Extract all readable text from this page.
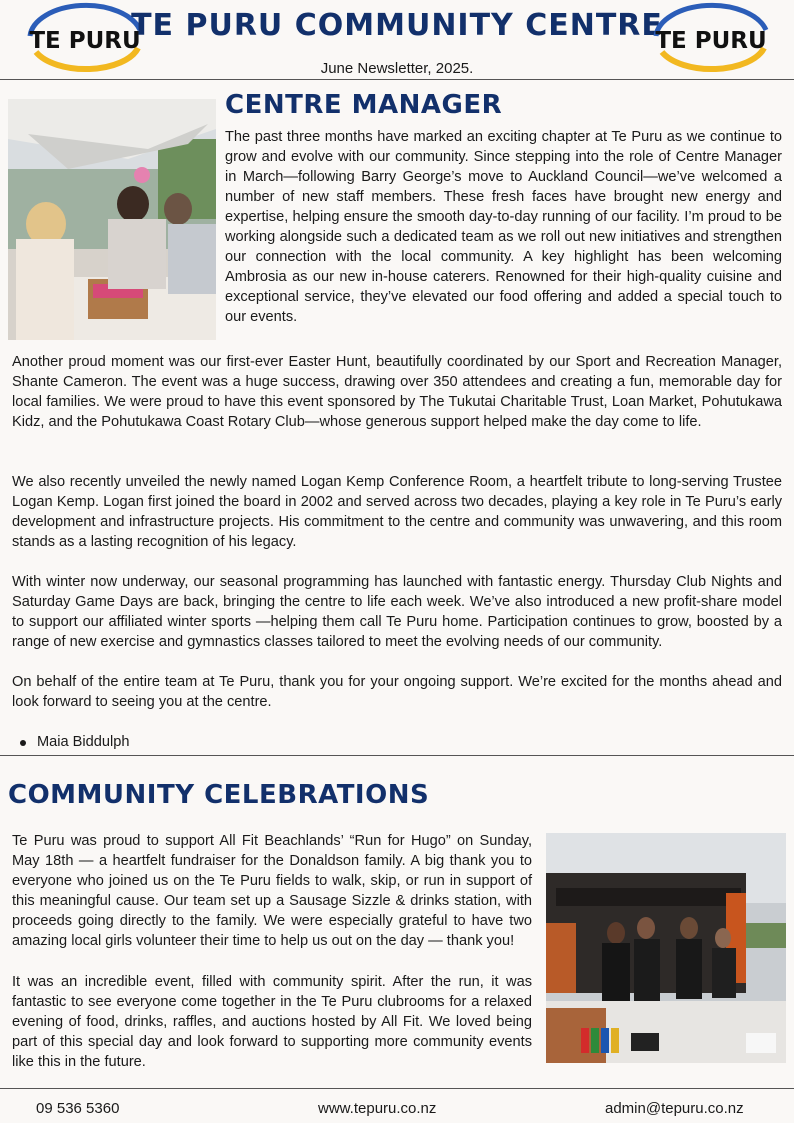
TE PURU
TE PURU COMMUNITY CENTRE
June Newsletter, 2025.
TE PURU
CENTRE MANAGER

The past three months have marked an exciting chapter at Te Puru as we continue to grow and evolve with our community. Since stepping into the role of Centre Manager in March—following Barry George’s move to Auckland Council—we’ve welcomed a number of new staff members. These fresh faces have brought new energy and expertise, helping ensure the smooth day-to-day running of our facility. I’m proud to be working alongside such a dedicated team as we roll out new initiatives and strengthen our connection with the local community. A key highlight has been welcoming Ambrosia as our new in-house caterers. Renowned for their high-quality cuisine and exceptional service, they’ve elevated our food offering and added a special touch to our events.

Another proud moment was our first-ever Easter Hunt, beautifully coordinated by our Sport and Recreation Manager, Shante Cameron. The event was a huge success, drawing over 350 attendees and creating a fun, memorable day for local families. We were proud to have this event sponsored by The Tukutai Charitable Trust, Loan Market, Pohutukawa Kidz, and the Pohutukawa Coast Rotary Club—whose generous support helped make the day come to life.

We also recently unveiled the newly named Logan Kemp Conference Room, a heartfelt tribute to long-serving Trustee Logan Kemp. Logan first joined the board in 2002 and served across two decades, playing a key role in Te Puru’s early development and infrastructure projects. His commitment to the centre and community was unwavering, and this room stands as a lasting recognition of his legacy.

With winter now underway, our seasonal programming has launched with fantastic energy. Thursday Club Nights and Saturday Game Days are back, bringing the centre to life each week. We’ve also introduced a new profit-share model to support our affiliated winter sports —helping them call Te Puru home. Participation continues to grow, boosted by a range of new exercise and gymnastics classes tailored to meet the evolving needs of our community.

On behalf of the entire team at Te Puru, thank you for your ongoing support. We’re excited for the months ahead and look forward to seeing you at the centre.

Maia Biddulph
COMMUNITY CELEBRATIONS

Te Puru was proud to support All Fit Beachlands’ “Run for Hugo” on Sunday, May 18th — a heartfelt fundraiser for the Donaldson family. A big thank you to everyone who joined us on the Te Puru fields to walk, skip, or run in support of this meaningful cause. Our team set up a Sausage Sizzle & drinks station, with proceeds going directly to the family. We were especially grateful to have two amazing local girls volunteer their time to help us out on the day — thank you!

It was an incredible event, filled with community spirit. After the run, it was fantastic to see everyone come together in the Te Puru clubrooms for a relaxed evening of food, drinks, raffles, and auctions hosted by All Fit. We loved being part of this special day and look forward to supporting more community events like this in the future.

09 536 5360	www.tepuru.co.nz	admin@tepuru.co.nz
